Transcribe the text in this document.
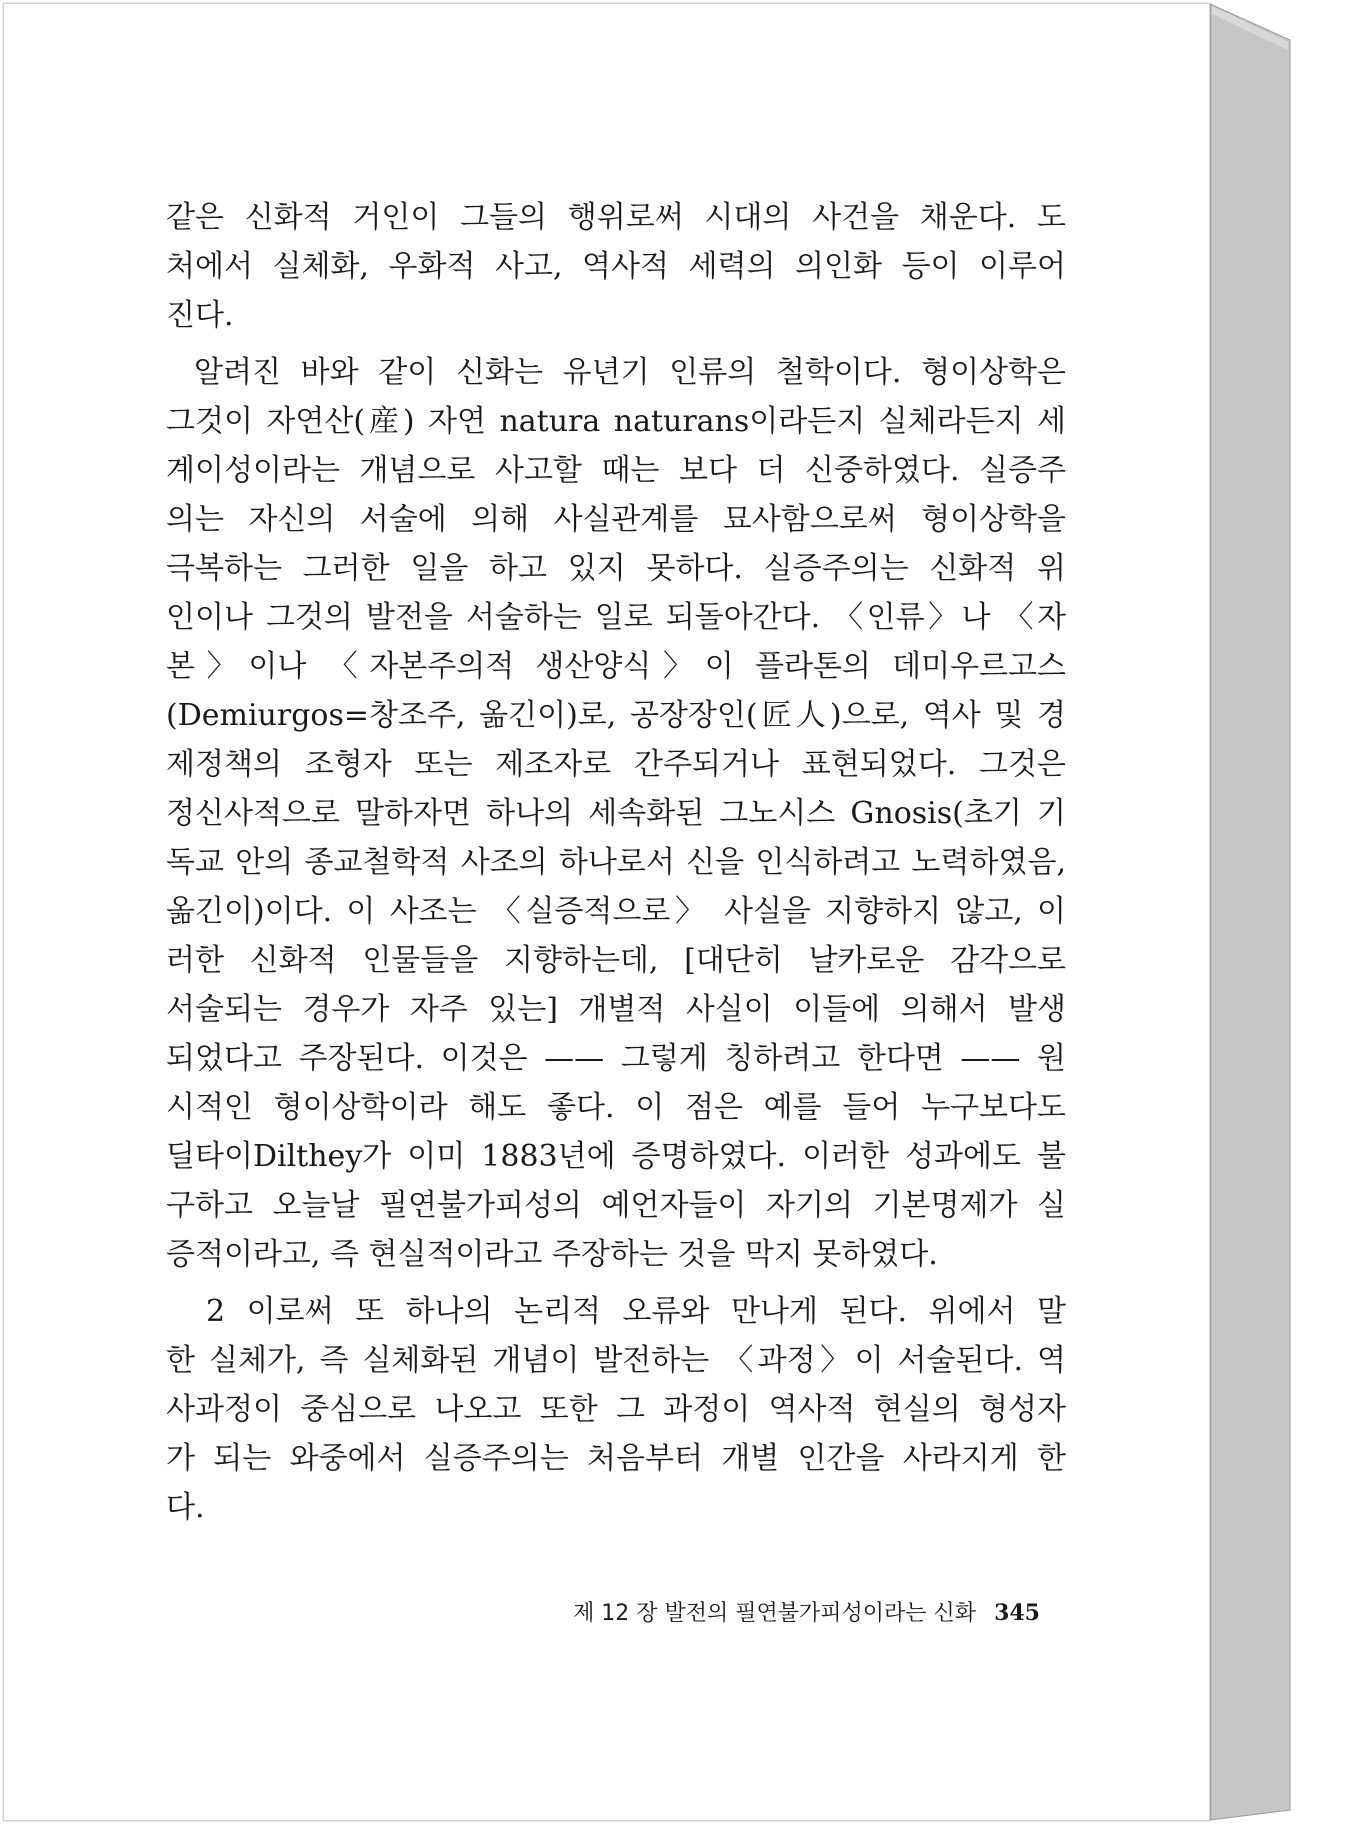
같은 신화적 거인이 그들의 행위로써 시대의 사건을 채운다. 도
처에서 실체화, 우화적 사고, 역사적 세력의 의인화 등이 이루어
진다.
알려진 바와 같이 신화는 유년기 인류의 철학이다. 형이상학은
그것이 자연산(産) 자연 natura naturans이라든지 실체라든지 세
계이성이라는 개념으로 사고할 때는 보다 더 신중하였다. 실증주
의는 자신의 서술에 의해 사실관계를 묘사함으로써 형이상학을
극복하는 그러한 일을 하고 있지 못하다. 실증주의는 신화적 위
인이나 그것의 발전을 서술하는 일로 되돌아간다. 〈인류〉나 〈자
본〉이나 〈자본주의적 생산양식〉이 플라톤의 데미우르고스
(Demiurgos=창조주, 옮긴이)로, 공장장인(匠人)으로, 역사 및 경
제정책의 조형자 또는 제조자로 간주되거나 표현되었다. 그것은
정신사적으로 말하자면 하나의 세속화된 그노시스 Gnosis(초기 기
독교 안의 종교철학적 사조의 하나로서 신을 인식하려고 노력하였음,
옮긴이)이다. 이 사조는 〈실증적으로〉 사실을 지향하지 않고, 이
러한 신화적 인물들을 지향하는데, [대단히 날카로운 감각으로
서술되는 경우가 자주 있는] 개별적 사실이 이들에 의해서 발생
되었다고 주장된다. 이것은 —— 그렇게 칭하려고 한다면 —— 원
시적인 형이상학이라 해도 좋다. 이 점은 예를 들어 누구보다도
딜타이Dilthey가 이미 1883년에 증명하였다. 이러한 성과에도 불
구하고 오늘날 필연불가피성의 예언자들이 자기의 기본명제가 실
증적이라고, 즉 현실적이라고 주장하는 것을 막지 못하였다.
2 이로써 또 하나의 논리적 오류와 만나게 된다. 위에서 말
한 실체가, 즉 실체화된 개념이 발전하는 〈과정〉이 서술된다. 역
사과정이 중심으로 나오고 또한 그 과정이 역사적 현실의 형성자
가 되는 와중에서 실증주의는 처음부터 개별 인간을 사라지게 한
다.
제 12 장 발전의 필연불가피성이라는 신화 345
